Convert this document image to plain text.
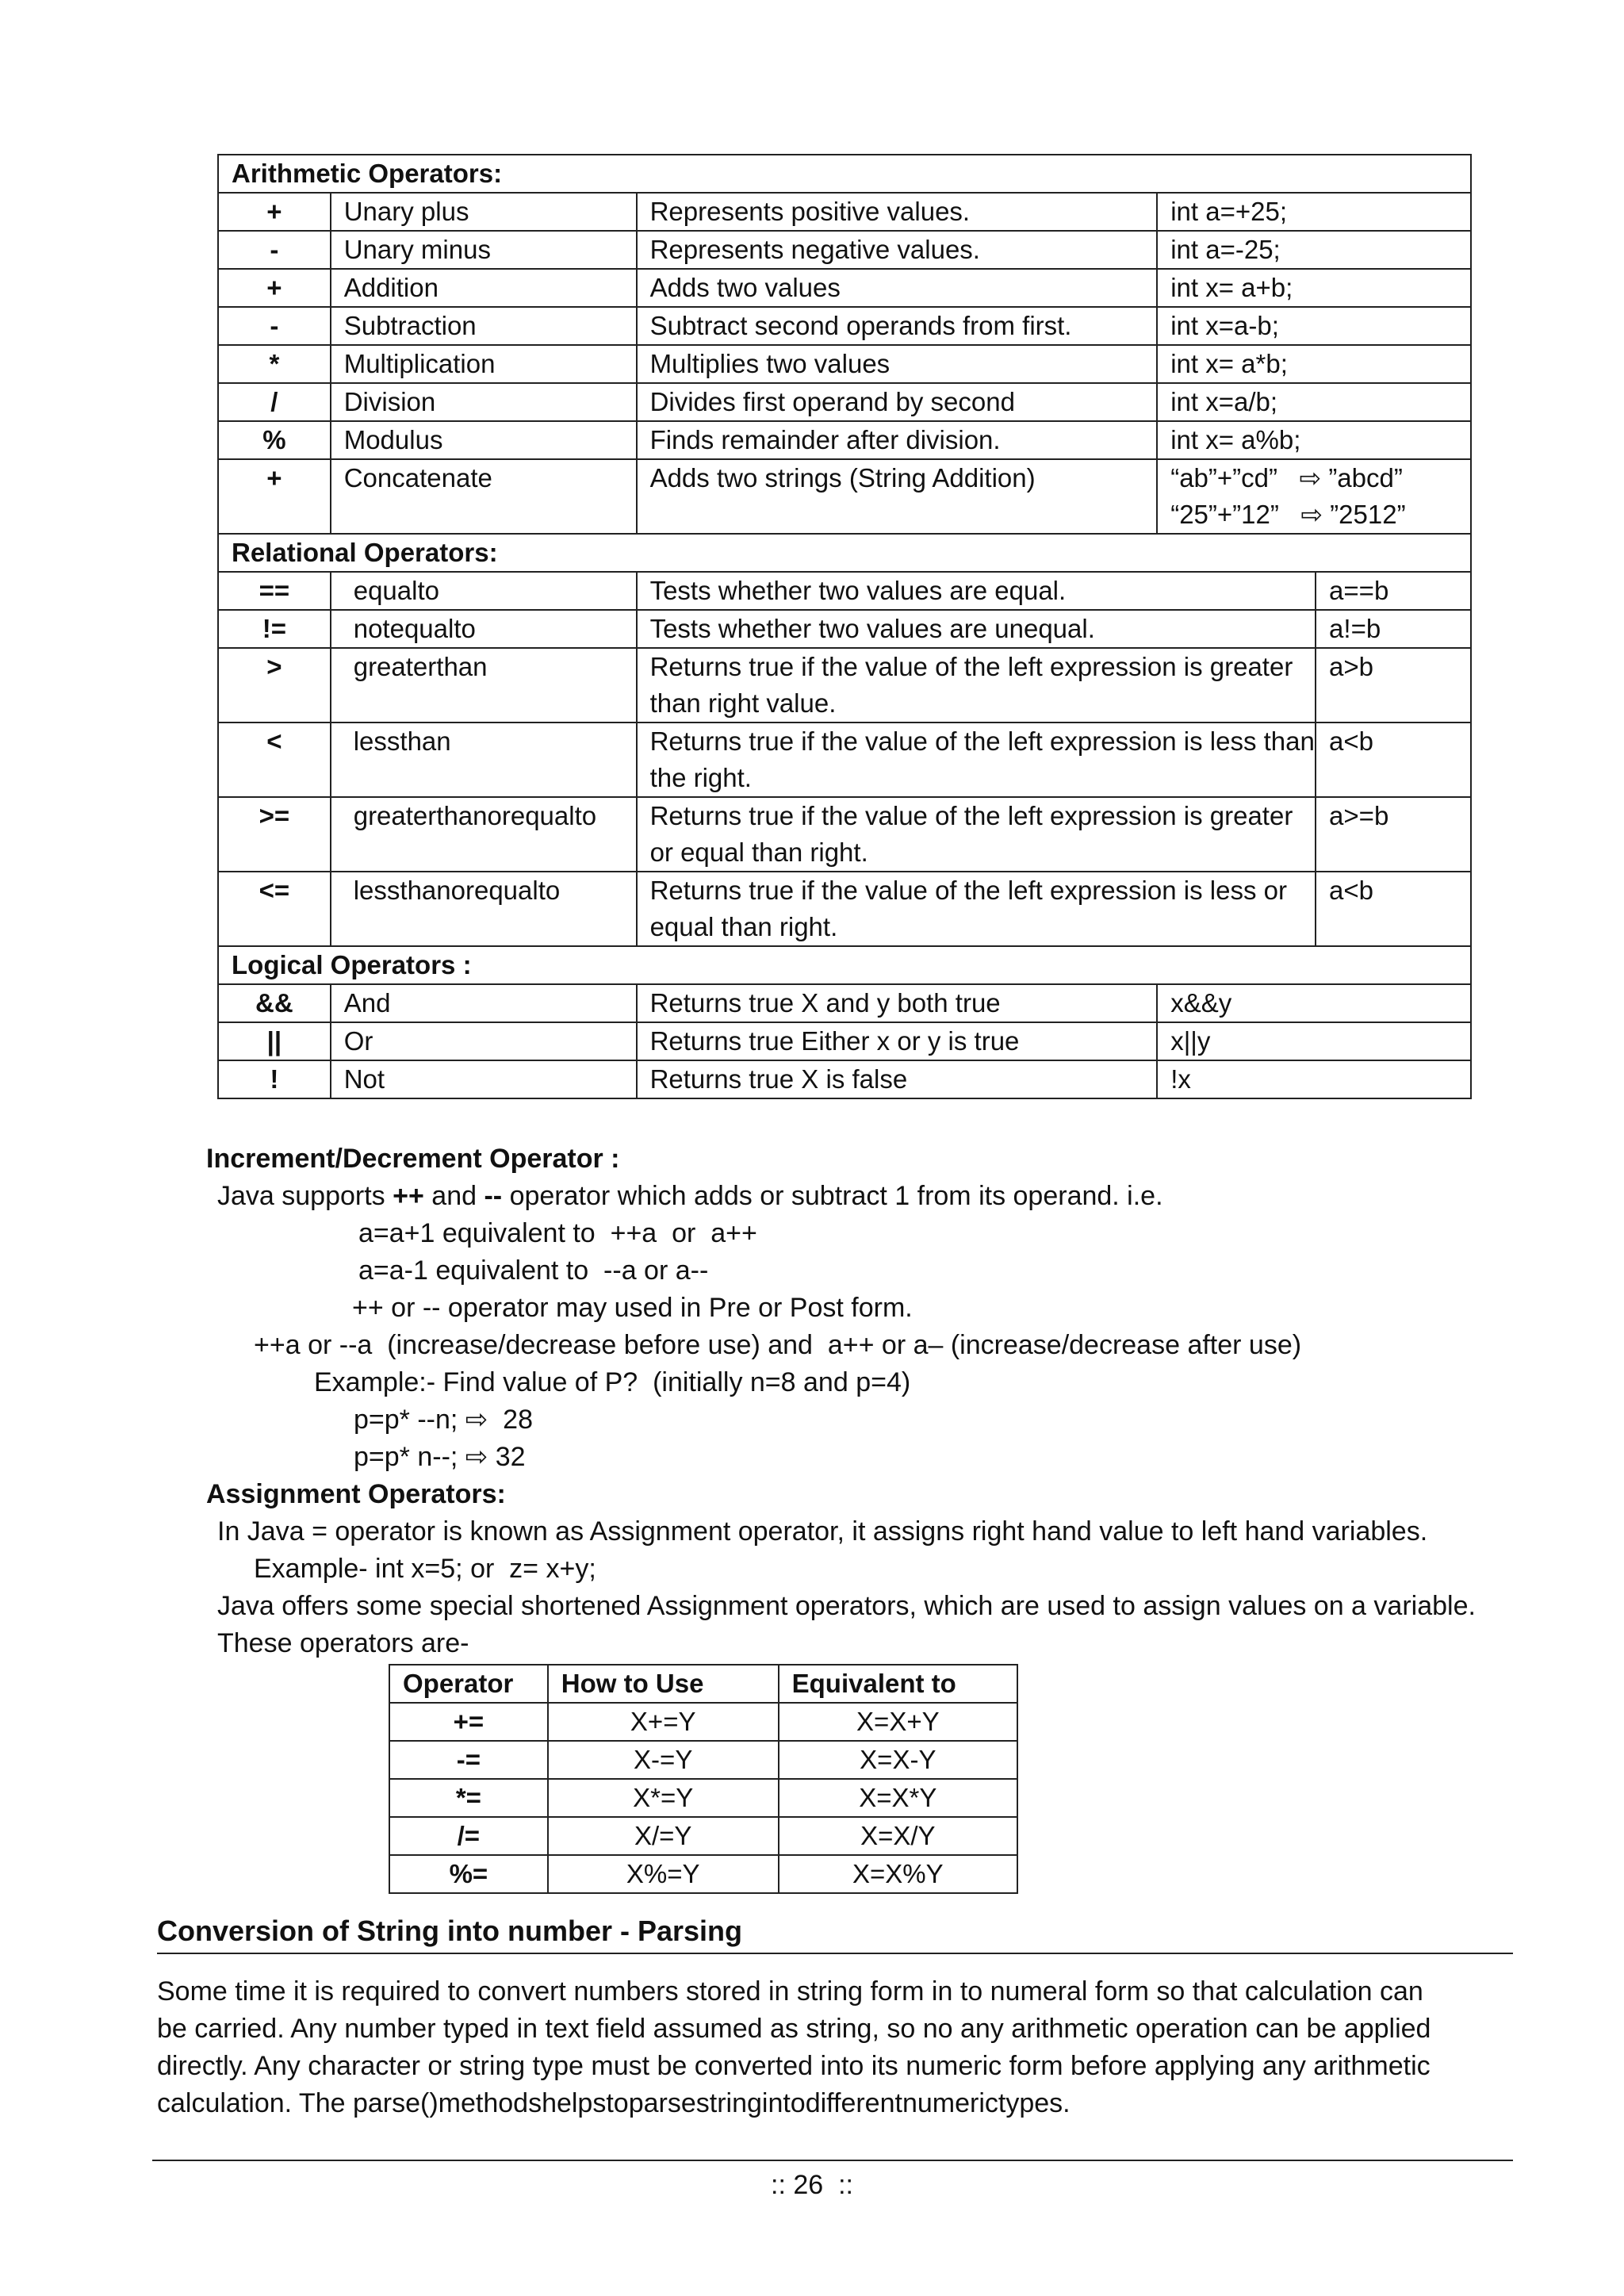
Arithmetic Operators:				
+	Unary plus	Represents positive values.	int a=+25;	
-	Unary minus	Represents negative values.	int a=-25;	
+	Addition	Adds two values	int x= a+b;	
-	Subtraction	Subtract second operands from first.	int x=a-b;	
*	Multiplication	Multiplies two values	int x= a*b;	
/	Division	Divides first operand by second	int x=a/b;	
%	Modulus	Finds remainder after division.	int x= a%b;	
+	Concatenate	Adds two strings (String Addition)	“ab”+”cd”   ⇨ ”abcd”
“25”+”12”   ⇨ ”2512”	

Relational Operators:				
==	equalto	Tests whether two values are equal.		a==b
!=	notequalto	Tests whether two values are unequal.		a!=b
>	greaterthan	Returns true if the value of the left expression is greater than right value.		a>b
<	lessthan	Returns true if the value of the left expression is less than the right.		a<b
>=	greaterthanorequalto	Returns true if the value of the left expression is greater or equal than right.		a>=b
<=	lessthanorequalto	Returns true if the value of the left expression is less or equal than right.		a<b
Logical Operators :				
&&	And	Returns true X and y both true	x&&y	
||	Or	Returns true Either x or y is true	x||y	
!	Not	Returns true X is false	!x	
Increment/Decrement Operator :
Java supports ++ and -- operator which adds or subtract 1 from its operand. i.e.
a=a+1 equivalent to  ++a  or  a++
a=a-1 equivalent to  --a or a--
++ or -- operator may used in Pre or Post form.
++a or --a  (increase/decrease before use) and  a++ or a– (increase/decrease after use)
Example:- Find value of P?  (initially n=8 and p=4)
p=p* --n; ⇨  28
p=p* n--; ⇨ 32
Assignment Operators:
In Java = operator is known as Assignment operator, it assigns right hand value to left hand variables.
Example- int x=5; or  z= x+y;
Java offers some special shortened Assignment operators, which are used to assign values on a variable.
These operators are-
Operator	How to Use	Equivalent to
+=	X+=Y	X=X+Y
-=	X-=Y	X=X-Y
*=	X*=Y	X=X*Y
/=	X/=Y	X=X/Y
%=	X%=Y	X=X%Y
Conversion of String into number - Parsing
Some time it is required to convert numbers stored in string form in to numeral form so that calculation can
be carried. Any number typed in text field assumed as string, so no any arithmetic operation can be applied
directly. Any character or string type must be converted into its numeric form before applying any arithmetic
calculation. The parse()methodshelpstoparsestringintodifferentnumerictypes.
:: 26  ::
